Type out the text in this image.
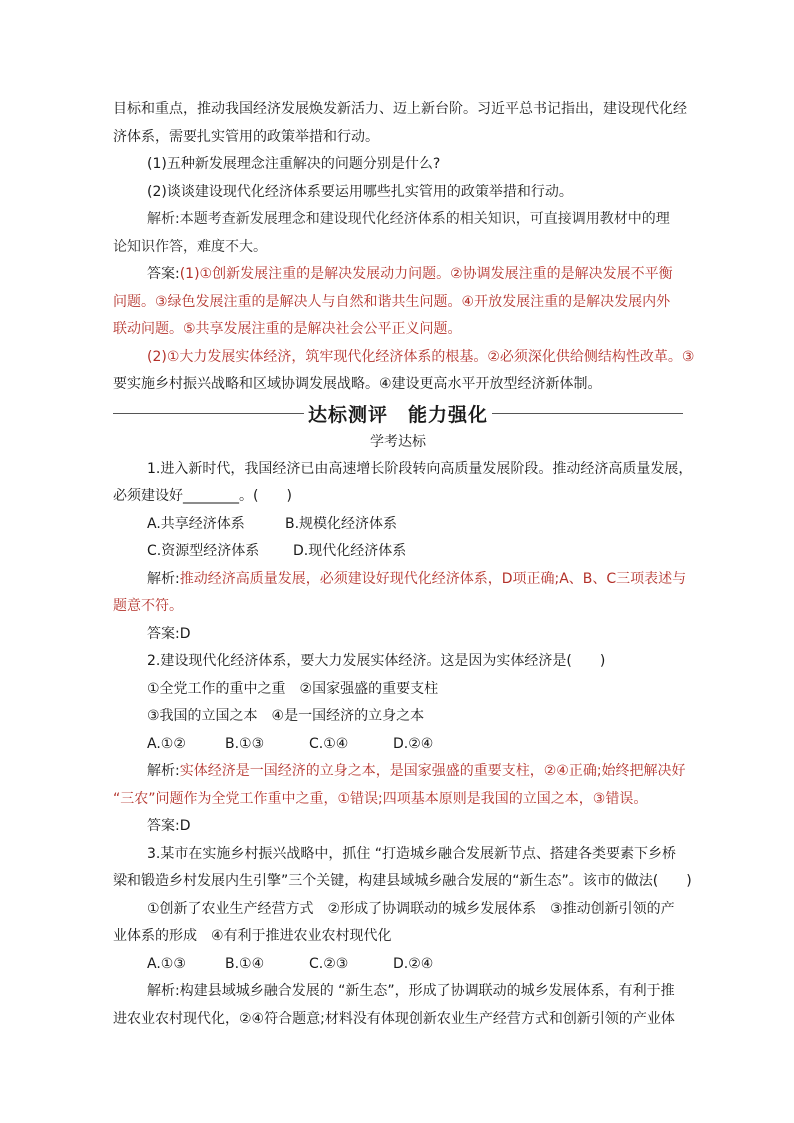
目标和重点，推动我国经济发展焕发新活力、迈上新台阶。习近平总书记指出，建设现代化经

济体系，需要扎实管用的政策举措和行动。

(1)五种新发展理念注重解决的问题分别是什么?

(2)谈谈建设现代化经济体系要运用哪些扎实管用的政策举措和行动。

解析:本题考查新发展理念和建设现代化经济体系的相关知识，可直接调用教材中的理

论知识作答，难度不大。

答案:(1)①创新发展注重的是解决发展动力问题。②协调发展注重的是解决发展不平衡

问题。③绿色发展注重的是解决人与自然和谐共生问题。④开放发展注重的是解决发展内外

联动问题。⑤共享发展注重的是解决社会公平正义问题。

(2)①大力发展实体经济，筑牢现代化经济体系的根基。②必须深化供给侧结构性改革。③

要实施乡村振兴战略和区域协调发展战略。④建设更高水平开放型经济新体制。

达标测评　能力强化

学考达标

1.进入新时代，我国经济已由高速增长阶段转向高质量发展阶段。推动经济高质量发展，

必须建设好________。(　　)

A.共享经济体系	B.规模化经济体系

C.资源型经济体系 D.现代化经济体系

解析:推动经济高质量发展，必须建设好现代化经济体系，D项正确;A、B、C三项表述与

题意不符。

答案:D

2.建设现代化经济体系，要大力发展实体经济。这是因为实体经济是(　　)

①全党工作的重中之重　②国家强盛的重要支柱

③我国的立国之本　④是一国经济的立身之本

A.①②	B.①③	C.①④	D.②④

解析:实体经济是一国经济的立身之本，是国家强盛的重要支柱，②④正确;始终把解决好

“三农”问题作为全党工作重中之重，①错误;四项基本原则是我国的立国之本，③错误。

答案:D

3.某市在实施乡村振兴战略中，抓住 “打造城乡融合发展新节点、搭建各类要素下乡桥

梁和锻造乡村发展内生引擎”三个关键，构建县域城乡融合发展的“新生态”。该市的做法(　　)

①创新了农业生产经营方式　②形成了协调联动的城乡发展体系　③推动创新引领的产

业体系的形成　④有利于推进农业农村现代化

A.①③	B.①④	C.②③	D.②④

解析:构建县域城乡融合发展的 “新生态”，形成了协调联动的城乡发展体系，有利于推

进农业农村现代化，②④符合题意;材料没有体现创新农业生产经营方式和创新引领的产业体
